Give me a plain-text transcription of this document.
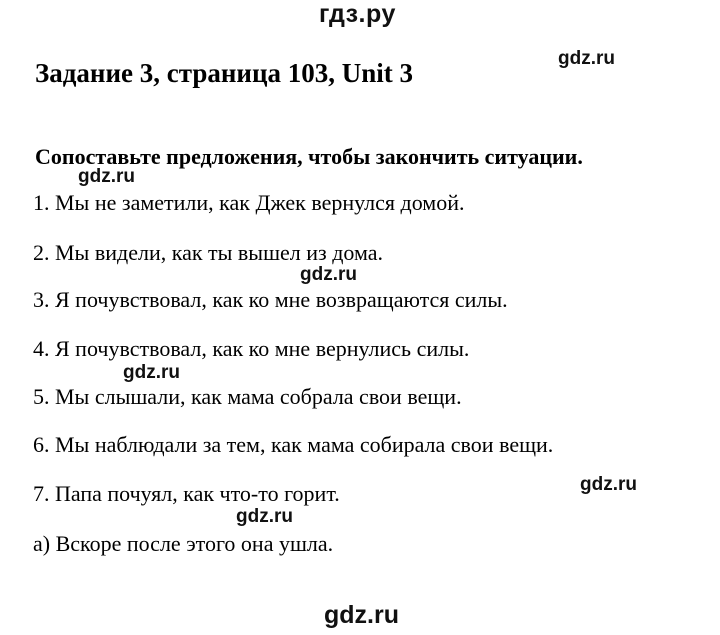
гдз.ру
Задание 3, страница 103, Unit 3	gdz.ru
Сопоставьте предложения, чтобы закончить ситуации.
gdz.ru
1. Мы не заметили, как Джек вернулся домой.
2. Мы видели, как ты вышел из дома.
gdz.ru
3. Я почувствовал, как ко мне возвращаются силы.
4. Я почувствовал, как ко мне вернулись силы.
gdz.ru
5. Мы слышали, как мама собрала свои вещи.
6. Мы наблюдали за тем, как мама собирала свои вещи.
7. Папа почуял, как что-то горит.	gdz.ru
gdz.ru
а) Вскоре после этого она ушла.
gdz.ru
